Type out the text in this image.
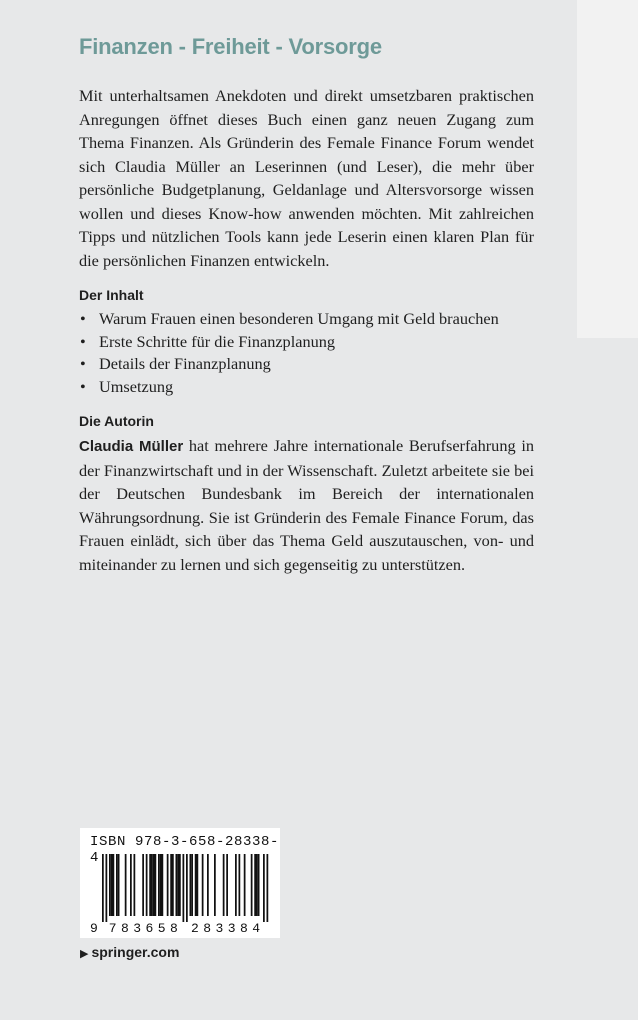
Finanzen - Freiheit - Vorsorge

Mit unterhaltsamen Anekdoten und direkt umsetzbaren praktischen Anregungen öffnet dieses Buch einen ganz neuen Zugang zum Thema Finanzen. Als Gründerin des Female Finance Forum wendet sich Claudia Müller an Leserinnen (und Leser), die mehr über persönliche Budgetplanung, Geldanlage und Altersvorsorge wissen wollen und dieses Know-how anwenden möchten. Mit zahlreichen Tipps und nützlichen Tools kann jede Leserin einen klaren Plan für die persönlichen Finanzen entwickeln.

Der Inhalt
• Warum Frauen einen besonderen Umgang mit Geld brauchen
• Erste Schritte für die Finanzplanung
• Details der Finanzplanung
• Umsetzung
Die Autorin

Claudia Müller hat mehrere Jahre internationale Berufserfahrung in der Finanzwirtschaft und in der Wissenschaft. Zuletzt arbeitete sie bei der Deutschen Bundesbank im Bereich der internationalen Währungsordnung. Sie ist Gründerin des Female Finance Forum, das Frauen einlädt, sich über das Thema Geld auszutauschen, von- und miteinander zu lernen und sich gegenseitig zu unterstützen.

ISBN 978-3-658-28338-4
9 7 8 3 6 5 8 2 8 3 3 8 4
▶ springer.com
